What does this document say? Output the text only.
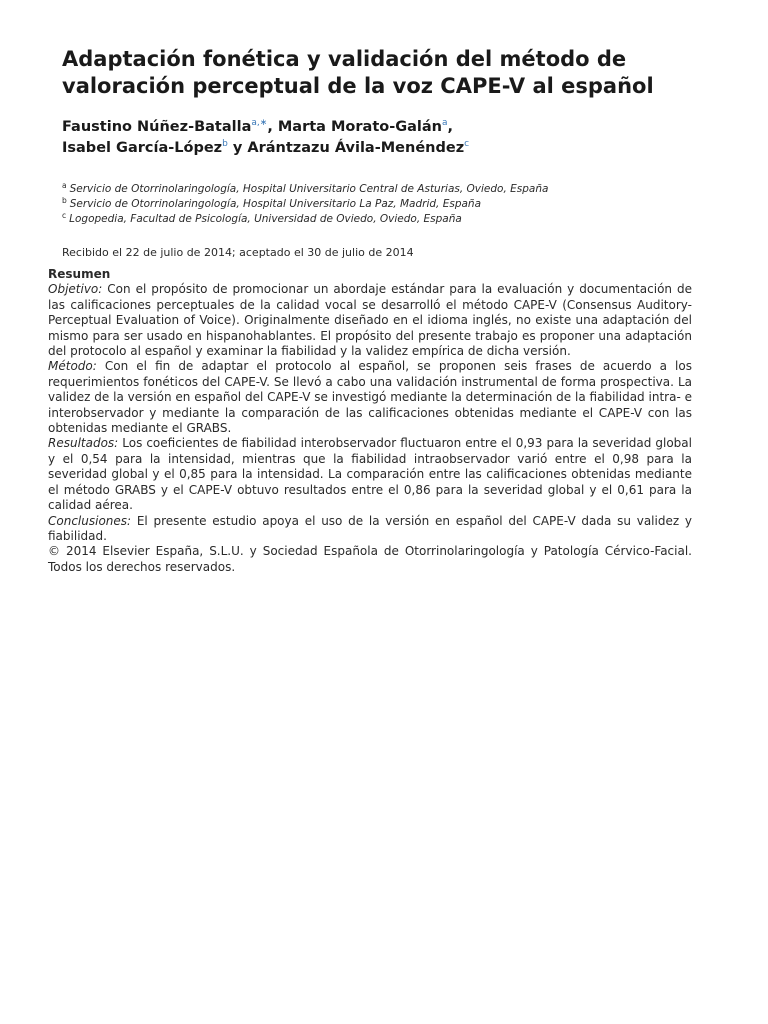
Adaptación fonética y validación del método de
valoración perceptual de la voz CAPE-V al español
Faustino Núñez-Batalla$^{a,∗}$, Marta Morato-Galán$^a$,
Isabel García-López$^b$ y Arántzazu Ávila-Menéndez$^c$
$^a$ Servicio de Otorrinolaringología, Hospital Universitario Central de Asturias, Oviedo, España
$^b$ Servicio de Otorrinolaringología, Hospital Universitario La Paz, Madrid, España
$^c$ Logopedia, Facultad de Psicología, Universidad de Oviedo, Oviedo, España
Recibido el 22 de julio de 2014; aceptado el 30 de julio de 2014
Resumen

Objetivo: Con el propósito de promocionar un abordaje estándar para la evaluación y documentación de las calificaciones perceptuales de la calidad vocal se desarrolló el método CAPE-V (Consensus Auditory-Perceptual Evaluation of Voice). Originalmente diseñado en el idioma inglés, no existe una adaptación del mismo para ser usado en hispanohablantes. El propósito del presente trabajo es proponer una adaptación del protocolo al español y examinar la fiabilidad y la validez empírica de dicha versión.

Método: Con el fin de adaptar el protocolo al español, se proponen seis frases de acuerdo a los requerimientos fonéticos del CAPE-V. Se llevó a cabo una validación instrumental de forma prospectiva. La validez de la versión en español del CAPE-V se investigó mediante la determinación de la fiabilidad intra- e interobservador y mediante la comparación de las calificaciones obtenidas mediante el CAPE-V con las obtenidas mediante el GRABS.

Resultados: Los coeficientes de fiabilidad interobservador fluctuaron entre el 0,93 para la severidad global y el 0,54 para la intensidad, mientras que la fiabilidad intraobservador varió entre el 0,98 para la severidad global y el 0,85 para la intensidad. La comparación entre las calificaciones obtenidas mediante el método GRABS y el CAPE-V obtuvo resultados entre el 0,86 para la severidad global y el 0,61 para la calidad aérea.

Conclusiones: El presente estudio apoya el uso de la versión en español del CAPE-V dada su validez y fiabilidad.

© 2014 Elsevier España, S.L.U. y Sociedad Española de Otorrinolaringología y Patología Cérvico-Facial. Todos los derechos reservados.
